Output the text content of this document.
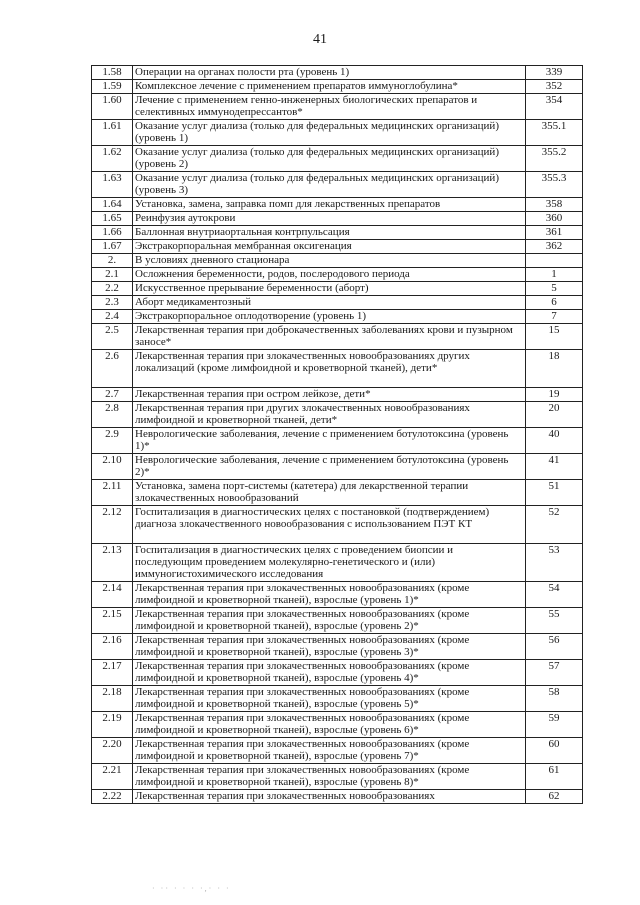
41
1.58	Операции на органах полости рта (уровень 1)	339
1.59	Комплексное лечение с применением препаратов иммуноглобулина*	352
1.60	Лечение с применением генно-инженерных биологических препаратов и селективных иммунодепрессантов*	354
1.61	Оказание услуг диализа (только для федеральных медицинских организаций) (уровень 1)	355.1
1.62	Оказание услуг диализа (только для федеральных медицинских организаций) (уровень 2)	355.2
1.63	Оказание услуг диализа (только для федеральных медицинских организаций) (уровень 3)	355.3
1.64	Установка, замена, заправка помп для лекарственных препаратов	358
1.65	Реинфузия аутокрови	360
1.66	Баллонная внутриаортальная контрпульсация	361
1.67	Экстракорпоральная мембранная оксигенация	362
2.	В условиях дневного стационара	
2.1	Осложнения беременности, родов, послеродового периода	1
2.2	Искусственное прерывание беременности (аборт)	5
2.3	Аборт медикаментозный	6
2.4	Экстракорпоральное оплодотворение (уровень 1)	7
2.5	Лекарственная терапия при доброкачественных заболеваниях крови и пузырном заносе*	15
2.6	Лекарственная терапия при злокачественных новообразованиях других локализаций (кроме лимфоидной и кроветворной тканей), дети*	18
2.7	Лекарственная терапия при остром лейкозе, дети*	19
2.8	Лекарственная терапия при других злокачественных новообразованиях лимфоидной и кроветворной тканей, дети*	20
2.9	Неврологические заболевания, лечение с применением ботулотоксина (уровень 1)*	40
2.10	Неврологические заболевания, лечение с применением ботулотоксина (уровень 2)*	41
2.11	Установка, замена порт-системы (катетера) для лекарственной терапии злокачественных новообразований	51
2.12	Госпитализация в диагностических целях с постановкой (подтверждением) диагноза злокачественного новообразования с использованием ПЭТ КТ	52
2.13	Госпитализация в диагностических целях с проведением биопсии и последующим проведением молекулярно-генетического и (или) иммуногистохимического исследования	53
2.14	Лекарственная терапия при злокачественных новообразованиях (кроме лимфоидной и кроветворной тканей), взрослые (уровень 1)*	54
2.15	Лекарственная терапия при злокачественных новообразованиях (кроме лимфоидной и кроветворной тканей), взрослые (уровень 2)*	55
2.16	Лекарственная терапия при злокачественных новообразованиях (кроме лимфоидной и кроветворной тканей), взрослые (уровень 3)*	56
2.17	Лекарственная терапия при злокачественных новообразованиях (кроме лимфоидной и кроветворной тканей), взрослые (уровень 4)*	57
2.18	Лекарственная терапия при злокачественных новообразованиях (кроме лимфоидной и кроветворной тканей), взрослые (уровень 5)*	58
2.19	Лекарственная терапия при злокачественных новообразованиях (кроме лимфоидной и кроветворной тканей), взрослые (уровень 6)*	59
2.20	Лекарственная терапия при злокачественных новообразованиях (кроме лимфоидной и кроветворной тканей), взрослые (уровень 7)*	60
2.21	Лекарственная терапия при злокачественных новообразованиях (кроме лимфоидной и кроветворной тканей), взрослые (уровень 8)*	61
2.22	Лекарственная терапия при злокачественных новообразованиях	62
· ·· · · · ·,· · ·
